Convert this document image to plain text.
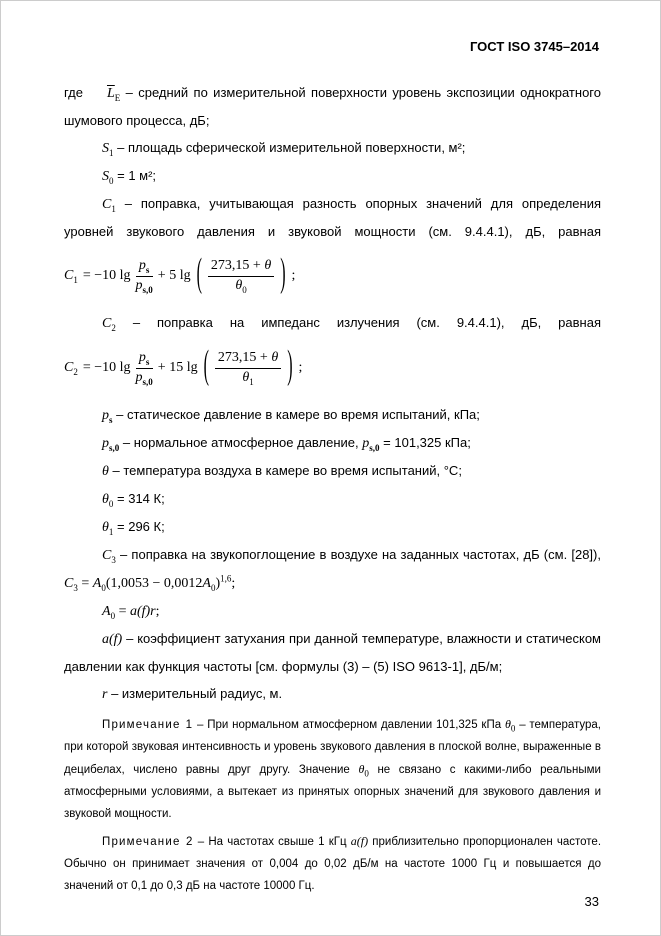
ГОСТ ISO 3745–2014

где $\overline{L}_E$ – средний по измерительной поверхности уровень экспозиции однократного шумового процесса, дБ;

$S_1$ – площадь сферической измерительной поверхности, м²;

$S_0 = 1$ м²;

$C_1$ – поправка, учитывающая разность опорных значений для определения уровней звукового давления и звуковой мощности (см. 9.4.4.1), дБ, равная

$C_1 = -10$ $\lg \frac{p_s}{p_{s,0}} + 5$ lg ( $\frac{273,15 + \theta}{\theta_0}$ ) ;

$C_2$ – поправка на импеданс излучения (см. 9.4.4.1), дБ, равная

$C_2 = -10$ $\lg \frac{p_s}{p_{s,0}} + 15$ lg ( $\frac{273,15 + \theta}{\theta_1}$ ) ;

$p_s$ – статическое давление в камере во время испытаний, кПа;

$p_{s,0}$ – нормальное атмосферное давление, $p_{s,0} = 101,325$ кПа;

θ – температура воздуха в камере во время испытаний, °С;

$\theta_0 = 314$ К;

$\theta_1 = 296$ К;

$C_3$ – поправка на звукопоглощение в воздухе на заданных частотах, дБ (см. [28]), $C_3 = A_0(1,0053 - 0,0012A_0)^{1,6}$;

$A_0 = a(f)r$;

a(f) – коэффициент затухания при данной температуре, влажности и статическом давлении как функция частоты [см. формулы (3) – (5) ISO 9613-1], дБ/м;

r – измерительный радиус, м.

Примечание 1 – При нормальном атмосферном давлении 101,325 кПа $\theta_0$ – температура, при которой звуковая интенсивность и уровень звукового давления в плоской волне, выраженные в децибелах, числено равны друг другу. Значение $\theta_0$ не связано с какими-либо реальными атмосферными условиями, а вытекает из принятых опорных значений для звукового давления и звуковой мощности.

Примечание 2 – На частотах свыше 1 кГц a(f) приблизительно пропорционален частоте. Обычно он принимает значения от 0,004 до 0,02 дБ/м на частоте 1000 Гц и повышается до значений от 0,1 до 0,3 дБ на частоте 10000 Гц.

33
